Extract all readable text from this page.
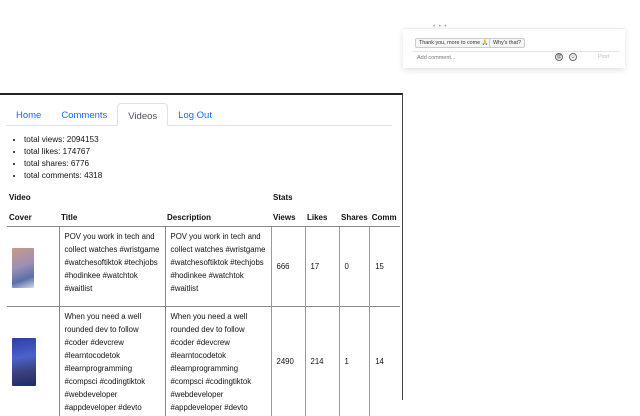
• • •
Thank you, more to come 🙏 Why's that?
Add comment...
@ ☺	Post
Home	Comments	Videos	Log Out
• total views: 2094153
• total likes: 174767
• total shares: 6776
• total comments: 4318
Video			Stats			
Cover	Title	Description	Views	Likes	Shares	Comm

	POV you work in tech and collect watches #wristgame #watchesoftiktok #techjobs #hodinkee #watchtok #waitlist	POV you work in tech and collect watches #wristgame #watchesoftiktok #techjobs #hodinkee #watchtok #waitlist	666	17	0	15

	When you need a well rounded dev to follow #coder #devcrew #learntocodetok #learnprogramming #compsci #codingtiktok #webdeveloper #appdeveloper #devto	When you need a well rounded dev to follow #coder #devcrew #learntocodetok #learnprogramming #compsci #codingtiktok #webdeveloper #appdeveloper #devto	2490	214	1	14
